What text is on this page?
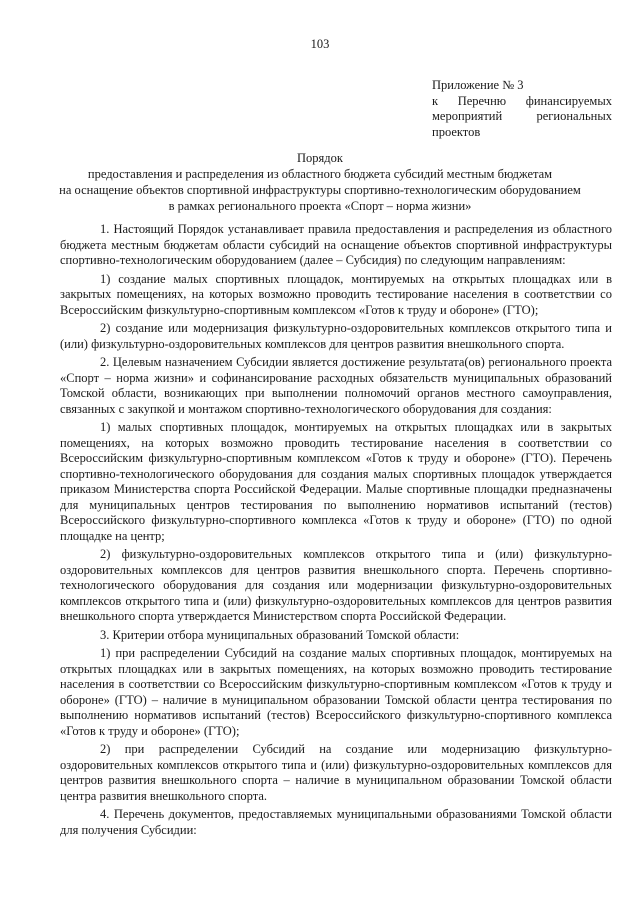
103
Приложение № 3
к Перечню финансируемых
мероприятий региональных
проектов
Порядок
предоставления и распределения из областного бюджета субсидий местным бюджетам
на оснащение объектов спортивной инфраструктуры спортивно-технологическим оборудованием
в рамках регионального проекта «Спорт – норма жизни»

1. Настоящий Порядок устанавливает правила предоставления и распределения из областного бюджета местным бюджетам области субсидий на оснащение объектов спортивной инфраструктуры спортивно-технологическим оборудованием (далее – Субсидия) по следующим направлениям:

1) создание малых спортивных площадок, монтируемых на открытых площадках или в закрытых помещениях, на которых возможно проводить тестирование населения в соответствии со Всероссийским физкультурно-спортивным комплексом «Готов к труду и обороне» (ГТО);

2) создание или модернизация физкультурно-оздоровительных комплексов открытого типа и (или) физкультурно-оздоровительных комплексов для центров развития внешкольного спорта.

2. Целевым назначением Субсидии является достижение результата(ов) регионального проекта «Спорт – норма жизни» и софинансирование расходных обязательств муниципальных образований Томской области, возникающих при выполнении полномочий органов местного самоуправления, связанных с закупкой и монтажом спортивно-технологического оборудования для создания:

1) малых спортивных площадок, монтируемых на открытых площадках или в закрытых помещениях, на которых возможно проводить тестирование населения в соответствии со Всероссийским физкультурно-спортивным комплексом «Готов к труду и обороне» (ГТО). Перечень спортивно-технологического оборудования для создания малых спортивных площадок утверждается приказом Министерства спорта Российской Федерации. Малые спортивные площадки предназначены для муниципальных центров тестирования по выполнению нормативов испытаний (тестов) Всероссийского физкультурно-спортивного комплекса «Готов к труду и обороне» (ГТО) по одной площадке на центр;

2) физкультурно-оздоровительных комплексов открытого типа и (или) физкультурно-оздоровительных комплексов для центров развития внешкольного спорта. Перечень спортивно-технологического оборудования для создания или модернизации физкультурно-оздоровительных комплексов открытого типа и (или) физкультурно-оздоровительных комплексов для центров развития внешкольного спорта утверждается Министерством спорта Российской Федерации.

3. Критерии отбора муниципальных образований Томской области:

1) при распределении Субсидий на создание малых спортивных площадок, монтируемых на открытых площадках или в закрытых помещениях, на которых возможно проводить тестирование населения в соответствии со Всероссийским физкультурно-спортивным комплексом «Готов к труду и обороне» (ГТО) – наличие в муниципальном образовании Томской области центра тестирования по выполнению нормативов испытаний (тестов) Всероссийского физкультурно-спортивного комплекса «Готов к труду и обороне» (ГТО);

2) при распределении Субсидий на создание или модернизацию физкультурно-оздоровительных комплексов открытого типа и (или) физкультурно-оздоровительных комплексов для центров развития внешкольного спорта – наличие в муниципальном образовании Томской области центра развития внешкольного спорта.

4. Перечень документов, предоставляемых муниципальными образованиями Томской области для получения Субсидии:
